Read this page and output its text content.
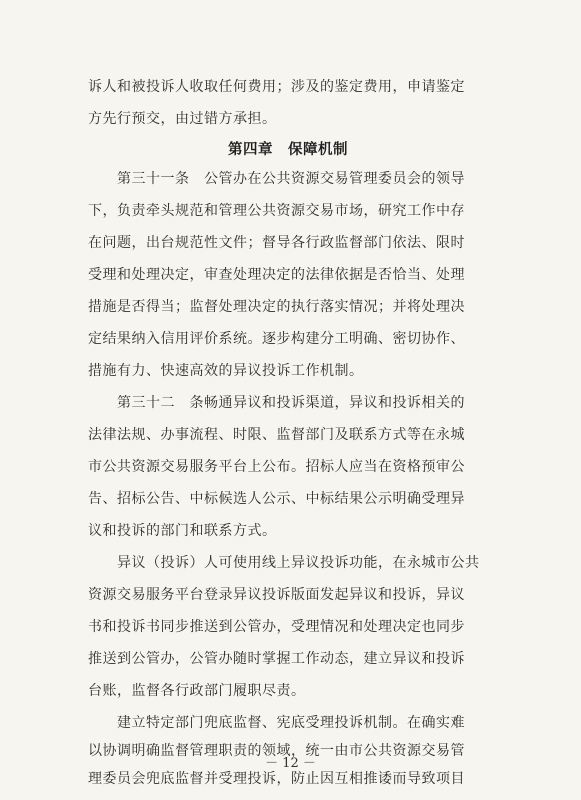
诉人和被投诉人收取任何费用；涉及的鉴定费用，申请鉴定
方先行预交，由过错方承担。
第四章　保障机制
　　第三十一条　公管办在公共资源交易管理委员会的领导
下，负责牵头规范和管理公共资源交易市场，研究工作中存
在问题，出台规范性文件；督导各行政监督部门依法、限时
受理和处理决定，审查处理决定的法律依据是否恰当、处理
措施是否得当；监督处理决定的执行落实情况；并将处理决
定结果纳入信用评价系统。逐步构建分工明确、密切协作、
措施有力、快速高效的异议投诉工作机制。
　　第三十二　条畅通异议和投诉渠道，异议和投诉相关的
法律法规、办事流程、时限、监督部门及联系方式等在永城
市公共资源交易服务平台上公布。招标人应当在资格预审公
告、招标公告、中标候选人公示、中标结果公示明确受理异
议和投诉的部门和联系方式。
　　异议（投诉）人可使用线上异议投诉功能，在永城市公共
资源交易服务平台登录异议投诉版面发起异议和投诉，异议
书和投诉书同步推送到公管办，受理情况和处理决定也同步
推送到公管办，公管办随时掌握工作动态，建立异议和投诉
台账，监督各行政部门履职尽责。
　　建立特定部门兜底监督、宪底受理投诉机制。在确实难
以协调明确监督管理职责的领域，统一由市公共资源交易管
理委员会兜底监督并受理投诉，防止因互相推诿而导致项目
－ 12 －
